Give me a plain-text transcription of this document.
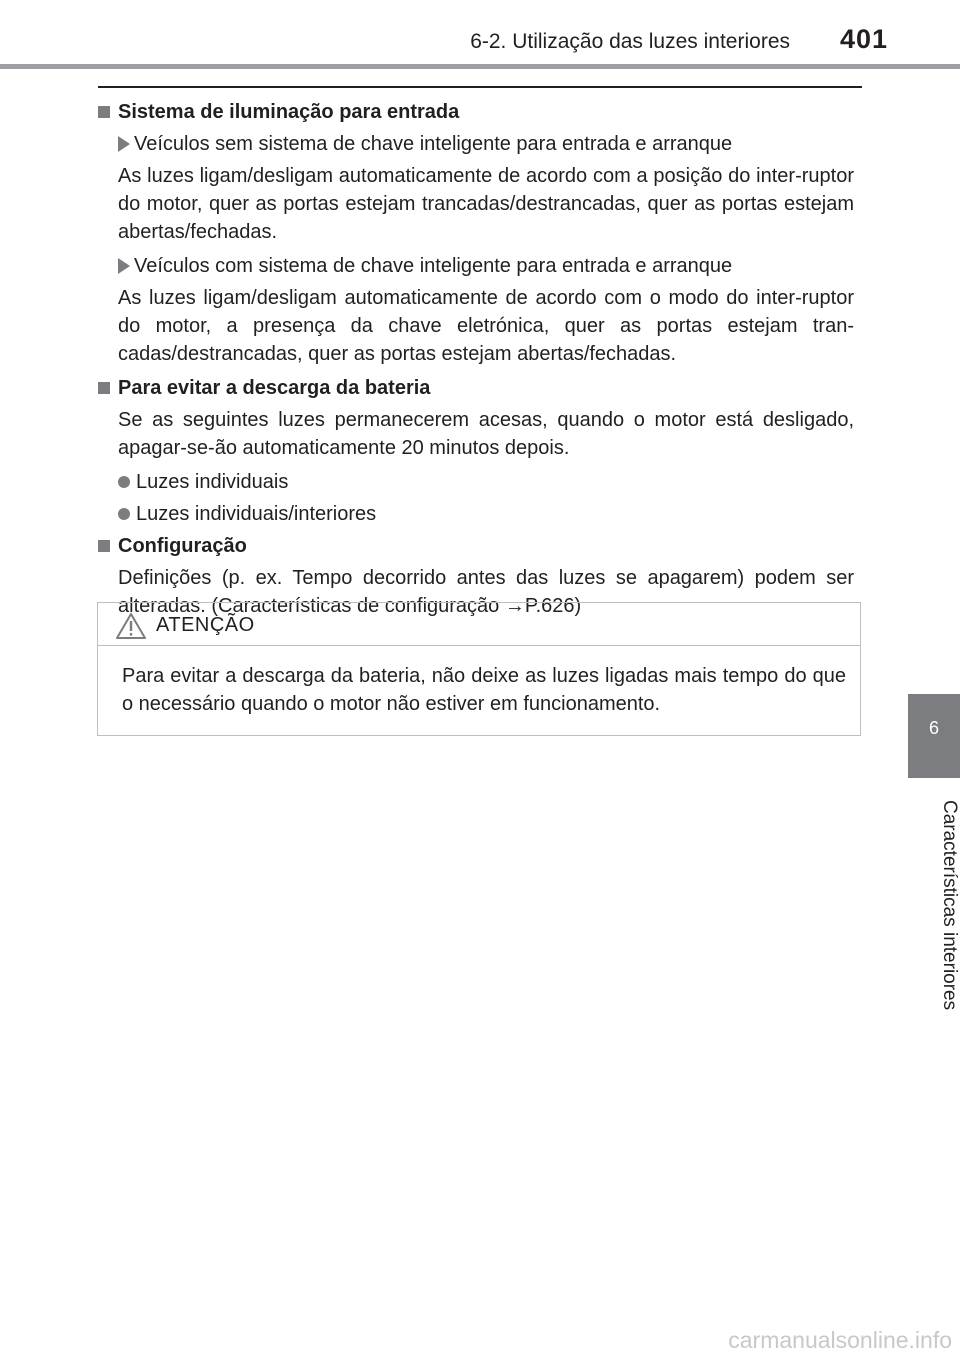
6-2. Utilização das luzes interiores 401
6
Características interiores
Sistema de iluminação para entrada
Veículos sem sistema de chave inteligente para entrada e arranque
As luzes ligam/desligam automaticamente de acordo com a posição do inter-ruptor do motor, quer as portas estejam trancadas/destrancadas, quer as portas estejam abertas/fechadas.
Veículos com sistema de chave inteligente para entrada e arranque
As luzes ligam/desligam automaticamente de acordo com o modo do inter-ruptor do motor, a presença da chave eletrónica, quer as portas estejam tran-cadas/destrancadas, quer as portas estejam abertas/fechadas.
Para evitar a descarga da bateria
Se as seguintes luzes permanecerem acesas, quando o motor está desligado, apagar-se-ão automaticamente 20 minutos depois.
Luzes individuais
Luzes individuais/interiores
Configuração
Definições (p. ex. Tempo decorrido antes das luzes se apagarem) podem ser alteradas. (Características de configuração →P.626)
ATENÇÃO
Para evitar a descarga da bateria, não deixe as luzes ligadas mais tempo do que o necessário quando o motor não estiver em funcionamento.
carmanualsonline.info
